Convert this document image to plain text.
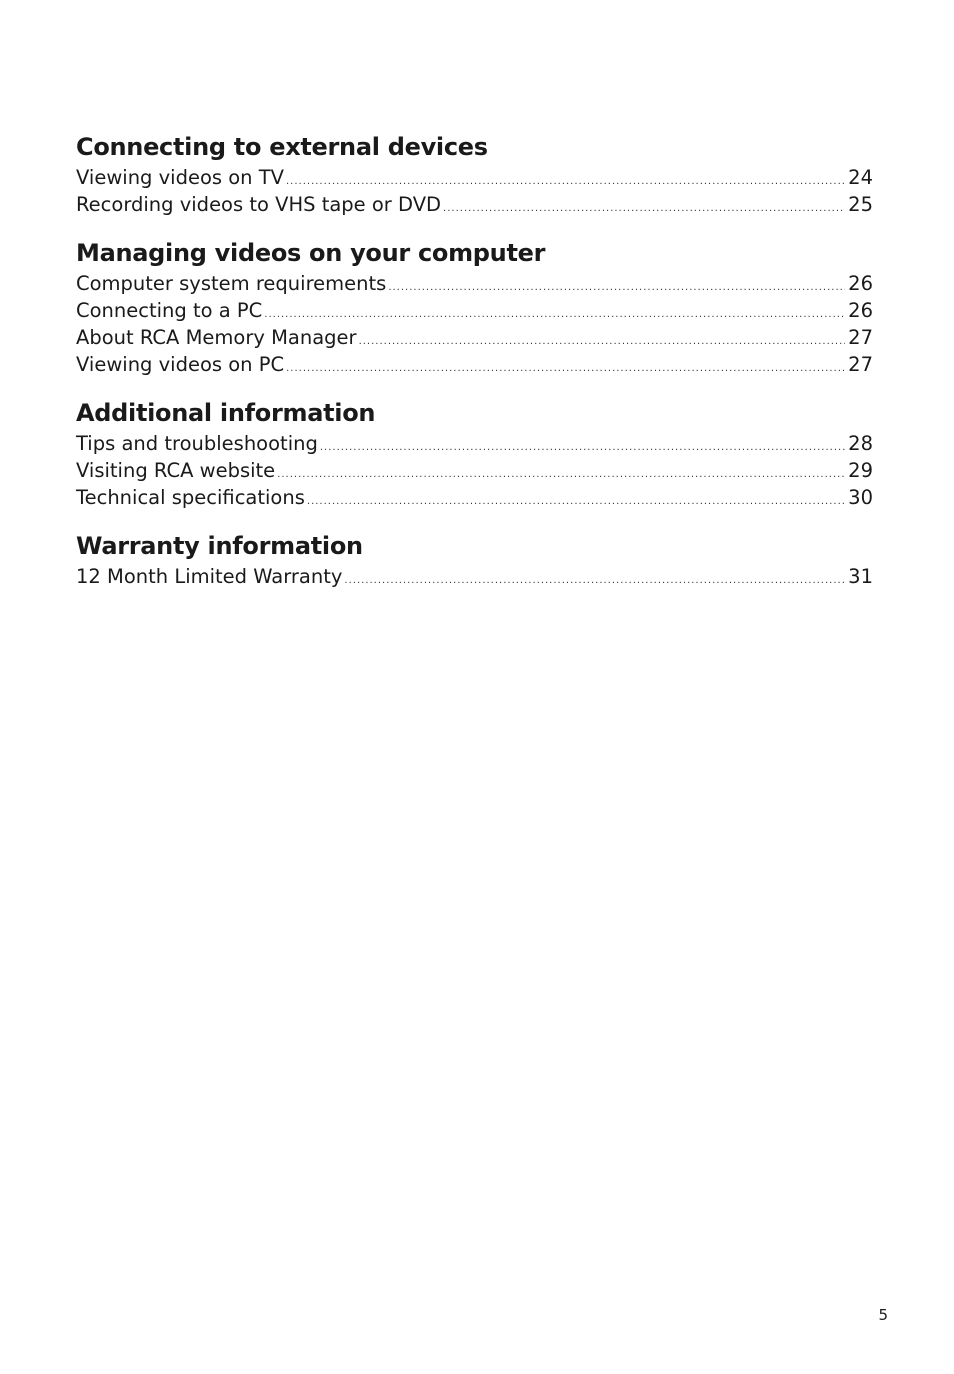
Connecting to external devices
Viewing videos on TV .....	24
Recording videos to VHS tape or DVD .....	25
Managing videos on your computer
Computer system requirements .....	26
Connecting to a PC .....	26
About RCA Memory Manager .....	27
Viewing videos on PC .....	27
Additional information
Tips and troubleshooting .....	28
Visiting RCA website .....	29
Technical specifications .....	30
Warranty information
12 Month Limited Warranty .....	31
5
